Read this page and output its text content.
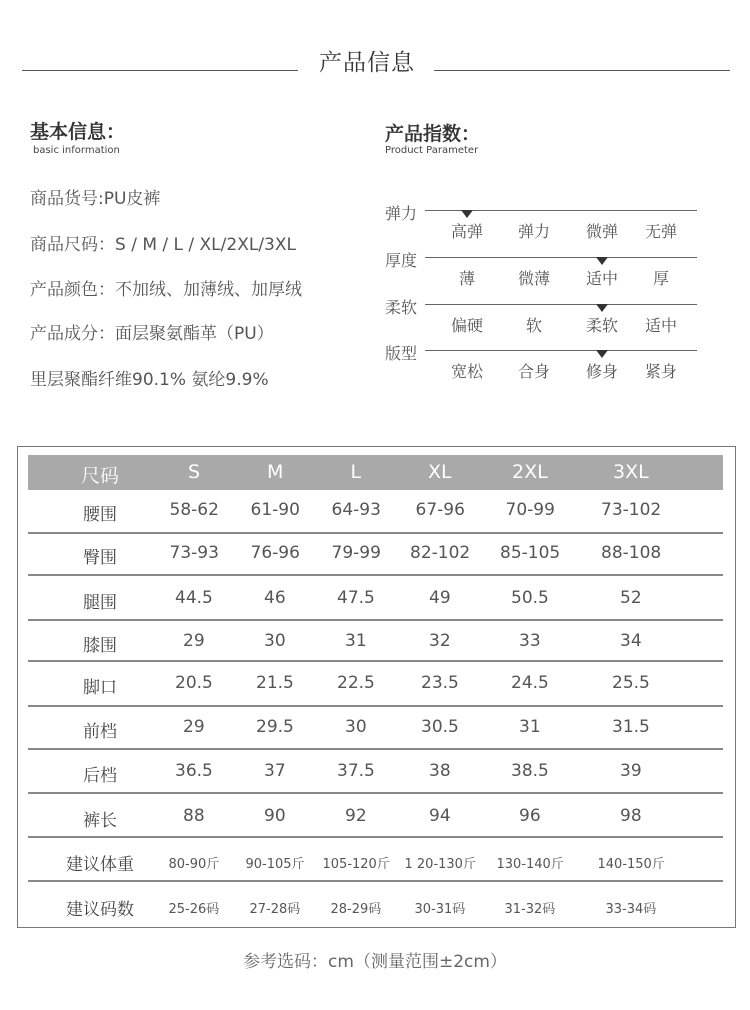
产品信息
基本信息：
basic information
商品货号:PU皮裤
商品尺码：S / M / L / XL/2XL/3XL
产品颜色：不加绒、加薄绒、加厚绒
产品成分：面层聚氨酯革（PU）
里层聚酯纤维90.1% 氨纶9.9%
产品指数：
Product Parameter
弹力
高弹	弹力	微弹	无弹
厚度
薄	微薄	适中	厚
柔软
偏硬	软	柔软	适中
版型
宽松	合身	修身	紧身
尺码	S	M	L	XL	2XL	3XL
腰围	58-62 61-90 64-93 67-96 70-99	73-102
臀围	73-93 76-96 79-99 82-102 85-105 88-108
腿围	44.5	46	47.5	49	50.5	52
膝围	29	30	31	32	33	34
脚口	20.5	21.5	22.5	23.5	24.5	25.5
前档	29	29.5	30	30.5	31	31.5
后档	36.5	37	37.5	38	38.5	39
裤长	88	90	92	94	96	98
建议体重	80-90斤 90-105斤 105-120斤 1 20-130斤 130-140斤	140-150斤
建议码数	25-26码 27-28码 28-29码	30-31码	31-32码	33-34码
参考选码：cm（测量范围±2cm）
